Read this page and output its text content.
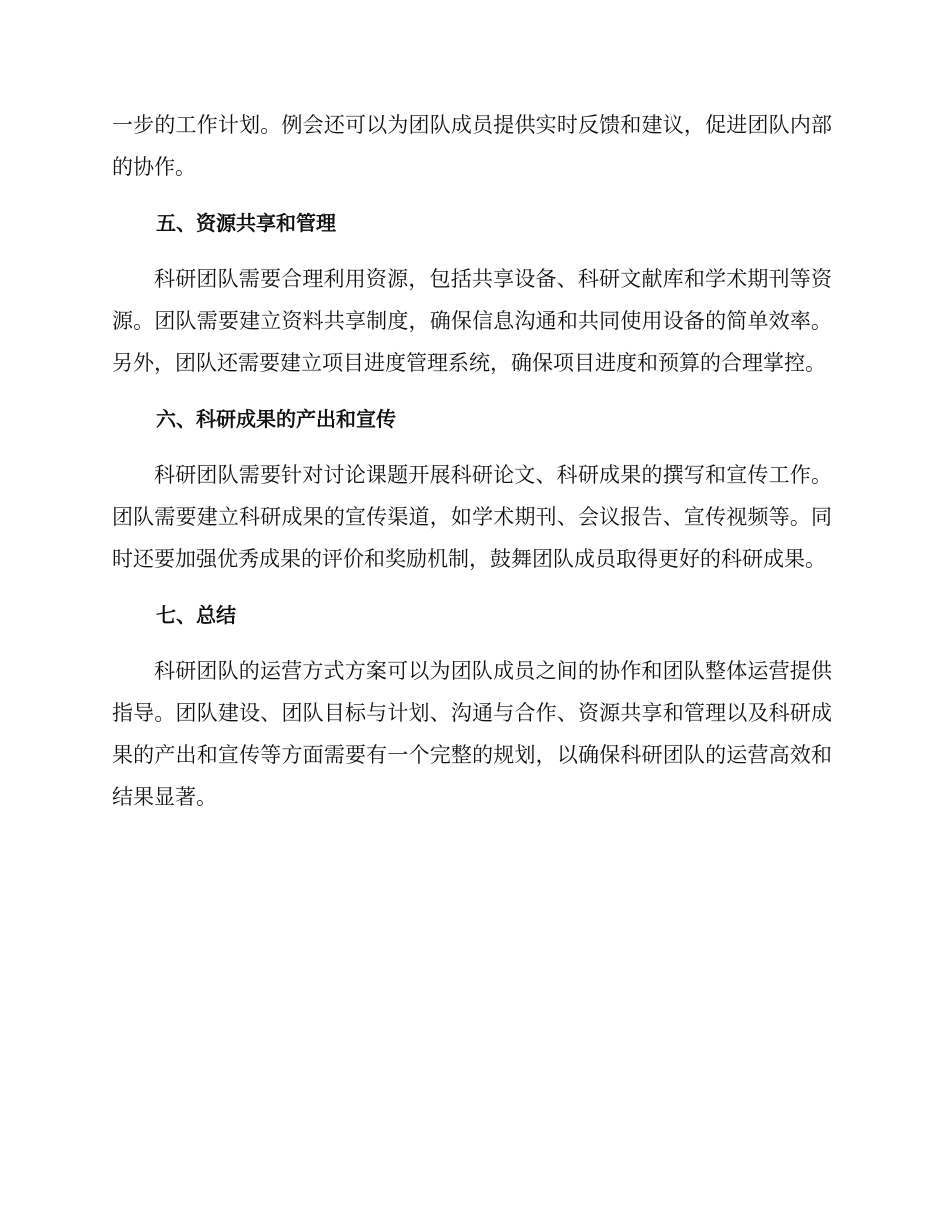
一步的工作计划。例会还可以为团队成员提供实时反馈和建议，促进团队内部的协作。

五、资源共享和管理

科研团队需要合理利用资源，包括共享设备、科研文献库和学术期刊等资源。团队需要建立资料共享制度，确保信息沟通和共同使用设备的简单效率。另外，团队还需要建立项目进度管理系统，确保项目进度和预算的合理掌控。

六、科研成果的产出和宣传

科研团队需要针对讨论课题开展科研论文、科研成果的撰写和宣传工作。团队需要建立科研成果的宣传渠道，如学术期刊、会议报告、宣传视频等。同时还要加强优秀成果的评价和奖励机制，鼓舞团队成员取得更好的科研成果。

七、总结

科研团队的运营方式方案可以为团队成员之间的协作和团队整体运营提供指导。团队建设、团队目标与计划、沟通与合作、资源共享和管理以及科研成果的产出和宣传等方面需要有一个完整的规划，以确保科研团队的运营高效和结果显著。
